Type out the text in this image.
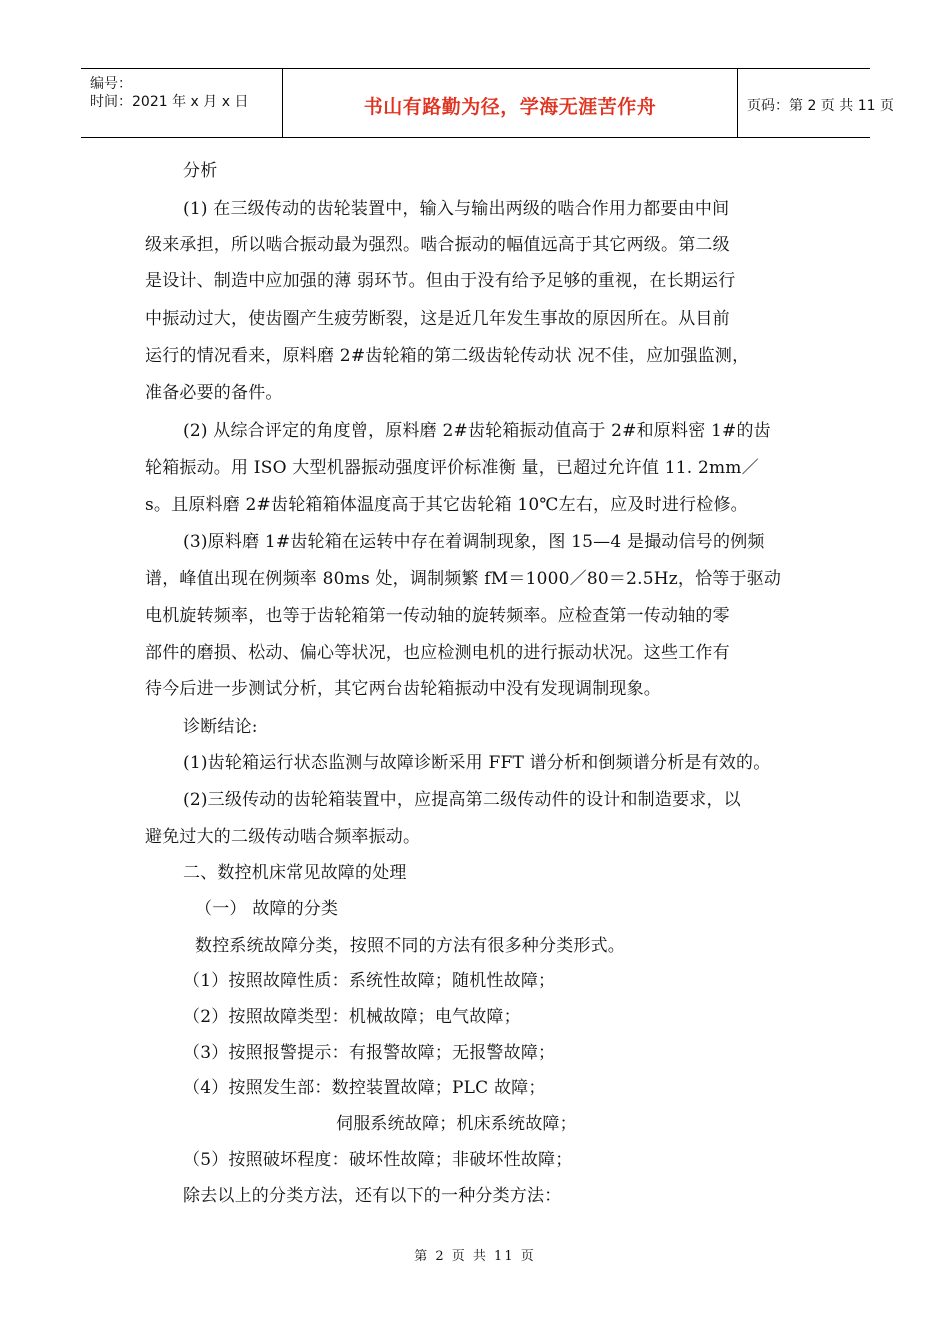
编号：
时间：2021 年 x 月 x 日	书山有路勤为径，学海无涯苦作舟	页码：第 2 页 共 11 页
分析
(1) 在三级传动的齿轮装置中，输入与输出两级的啮合作用力都要由中间
级来承担，所以啮合振动最为强烈。啮合振动的幅值远高于其它两级。第二级
是设计、制造中应加强的薄 弱环节。但由于没有给予足够的重视，在长期运行
中振动过大，使齿圈产生疲劳断裂，这是近几年发生事故的原因所在。从目前
运行的情况看来，原料磨 2#齿轮箱的第二级齿轮传动状 况不佳，应加强监测，
准备必要的备件。
(2) 从综合评定的角度曾，原料磨 2#齿轮箱振动值高于 2#和原料密 1#的齿
轮箱振动。用 ISO 大型机器振动强度评价标准衡 量，已超过允许值 11. 2mm／
s。且原料磨 2#齿轮箱箱体温度高于其它齿轮箱 10℃左右，应及时进行检修。
(3)原料磨 1#齿轮箱在运转中存在着调制现象，图 15—4 是撮动信号的例频
谱，峰值出现在例频率 80ms 处，调制频繁 fM＝1000／80＝2.5Hz，恰等于驱动
电机旋转频率，也等于齿轮箱第一传动轴的旋转频率。应检查第一传动轴的零
部件的磨损、松动、偏心等状况，也应检测电机的进行振动状况。这些工作有
待今后进一步测试分析，其它两台齿轮箱振动中没有发现调制现象。
诊断结论:
(1)齿轮箱运行状态监测与故障诊断采用 FFT 谱分析和倒频谱分析是有效的。
(2)三级传动的齿轮箱装置中，应提高第二级传动件的设计和制造要求，以
避免过大的二级传动啮合频率振动。
二、数控机床常见故障的处理
（一） 故障的分类
数控系统故障分类，按照不同的方法有很多种分类形式。
（1）按照故障性质：系统性故障；随机性故障；
（2）按照故障类型：机械故障；电气故障；
（3）按照报警提示：有报警故障；无报警故障；
（4）按照发生部：数控装置故障；PLC 故障；
伺服系统故障；机床系统故障；
（5）按照破坏程度：破坏性故障；非破坏性故障；
除去以上的分类方法，还有以下的一种分类方法：
第 2 页 共 11 页
